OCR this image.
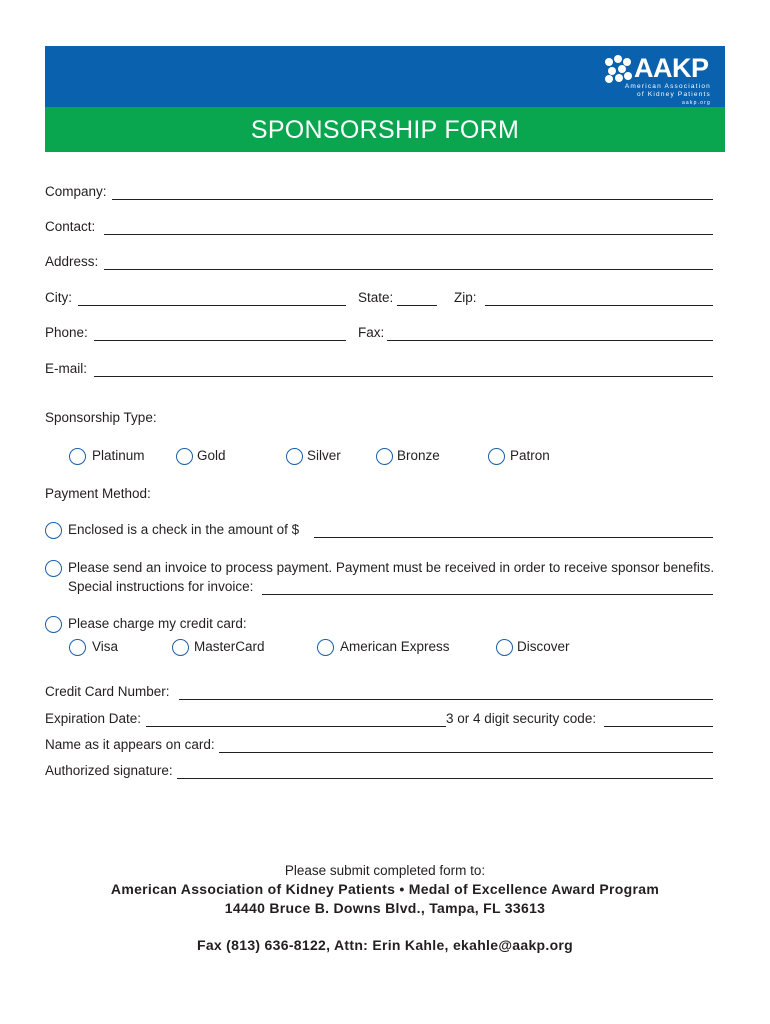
AAKP
American Association
of Kidney Patients
aakp.org
SPONSORSHIP FORM
Company:
Contact:
Address:
City:	State:	Zip:
Phone:	Fax:
E-mail:
Sponsorship Type:
Platinum	Gold	Silver	Bronze	Patron
Payment Method:
Enclosed is a check in the amount of $
Please send an invoice to process payment. Payment must be received in order to receive sponsor benefits.
Special instructions for invoice:
Please charge my credit card:
Visa	MasterCard	American Express	Discover
Credit Card Number:
Expiration Date:	3 or 4 digit security code:
Name as it appears on card:
Authorized signature:
Please submit completed form to:
American Association of Kidney Patients • Medal of Excellence Award Program
14440 Bruce B. Downs Blvd., Tampa, FL 33613
Fax (813) 636-8122, Attn: Erin Kahle, ekahle@aakp.org
